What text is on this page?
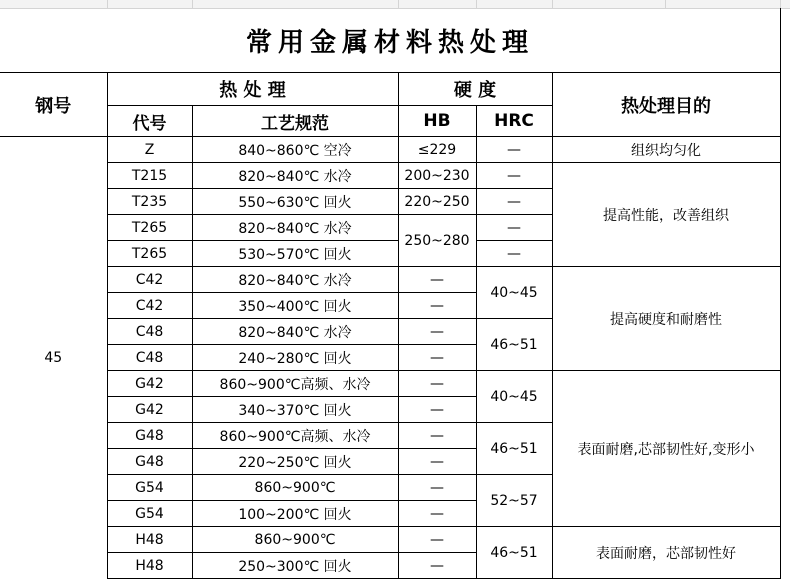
常用金属材料热处理
钢号	热 处 理		硬 度		热处理目的
	代号	工艺规范	HB	HRC	
45	Z	840~860℃ 空冷	≤229	—	组织均匀化
	T215	820~840℃ 水冷	200~230	—	提高性能，改善组织
	T235	550~630℃ 回火	220~250	—	
	T265	820~840℃ 水冷	250~280	—	
	T265	530~570℃ 回火		—	
	C42	820~840℃ 水冷	—	40~45	提高硬度和耐磨性
	C42	350~400℃ 回火	—		
	C48	820~840℃ 水冷	—	46~51	
	C48	240~280℃ 回火	—		
	G42	860~900℃高频、水冷	—	40~45	表面耐磨,芯部韧性好,变形小
	G42	340~370℃ 回火	—		
	G48	860~900℃高频、水冷	—	46~51	
	G48	220~250℃ 回火	—		
	G54	860~900℃	—	52~57	
	G54	100~200℃ 回火	—		
	H48	860~900℃	—	46~51	表面耐磨，芯部韧性好
	H48	250~300℃ 回火	—		
